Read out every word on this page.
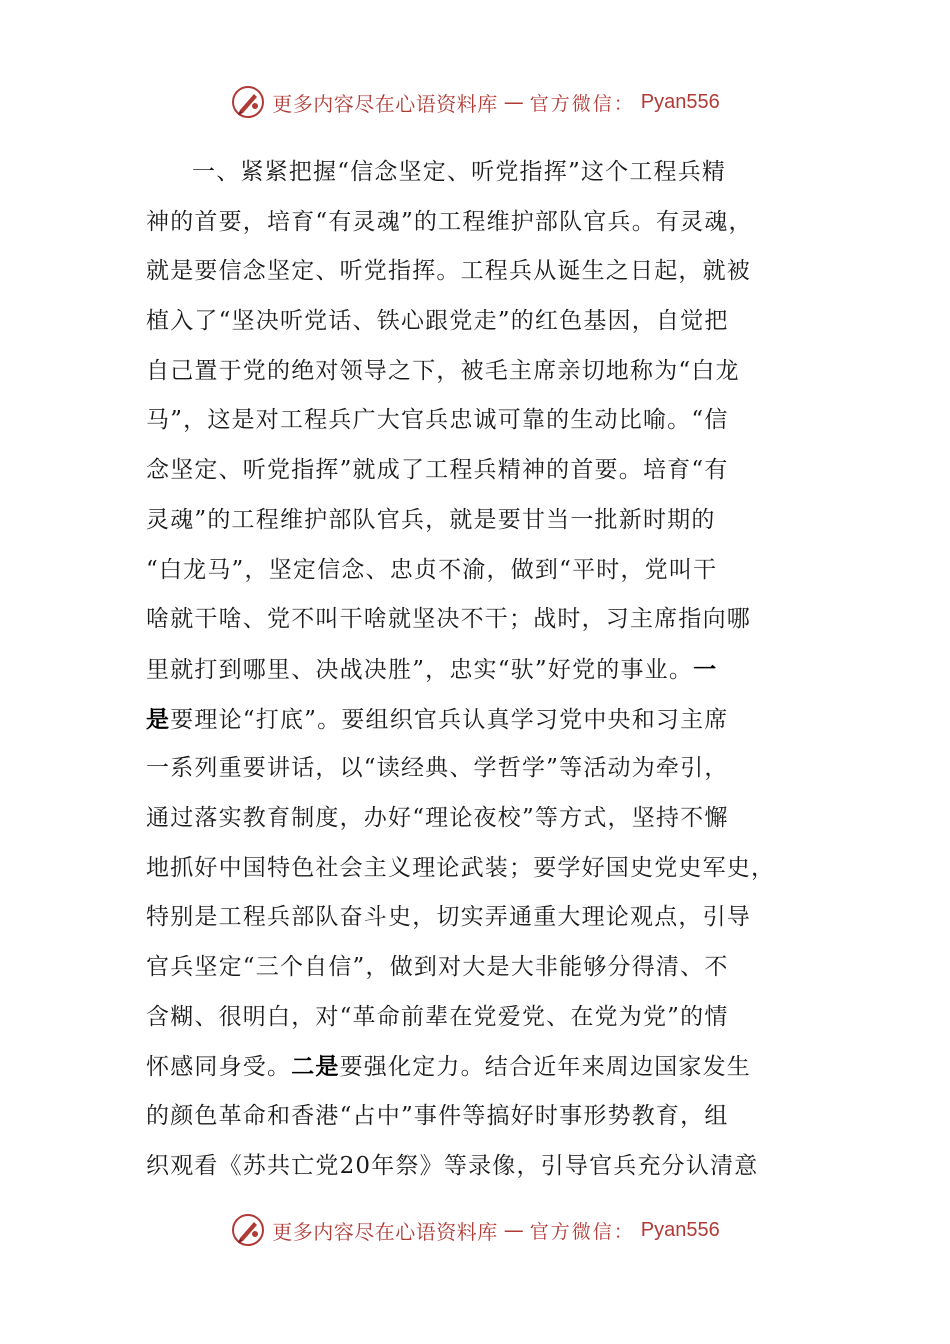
更多内容尽在心语资料库 — 官方微信： Pyan556
一、紧紧把握“信念坚定、听党指挥”这个工程兵精
神的首要，培育“有灵魂”的工程维护部队官兵。有灵魂，
就是要信念坚定、听党指挥。工程兵从诞生之日起，就被
植入了“坚决听党话、铁心跟党走”的红色基因，自觉把
自己置于党的绝对领导之下，被毛主席亲切地称为“白龙
马”，这是对工程兵广大官兵忠诚可靠的生动比喻。“信
念坚定、听党指挥”就成了工程兵精神的首要。培育“有
灵魂”的工程维护部队官兵，就是要甘当一批新时期的
“白龙马”，坚定信念、忠贞不渝，做到“平时，党叫干
啥就干啥、党不叫干啥就坚决不干；战时，习主席指向哪
里就打到哪里、决战决胜”，忠实“驮”好党的事业。一
是要理论“打底”。要组织官兵认真学习党中央和习主席
一系列重要讲话，以“读经典、学哲学”等活动为牵引，
通过落实教育制度，办好“理论夜校”等方式，坚持不懈
地抓好中国特色社会主义理论武装；要学好国史党史军史，
特别是工程兵部队奋斗史，切实弄通重大理论观点，引导
官兵坚定“三个自信”，做到对大是大非能够分得清、不
含糊、很明白，对“革命前辈在党爱党、在党为党”的情
怀感同身受。二是要强化定力。结合近年来周边国家发生
的颜色革命和香港“占中”事件等搞好时事形势教育，组
织观看《苏共亡党20年祭》等录像，引导官兵充分认清意
更多内容尽在心语资料库 — 官方微信： Pyan556
